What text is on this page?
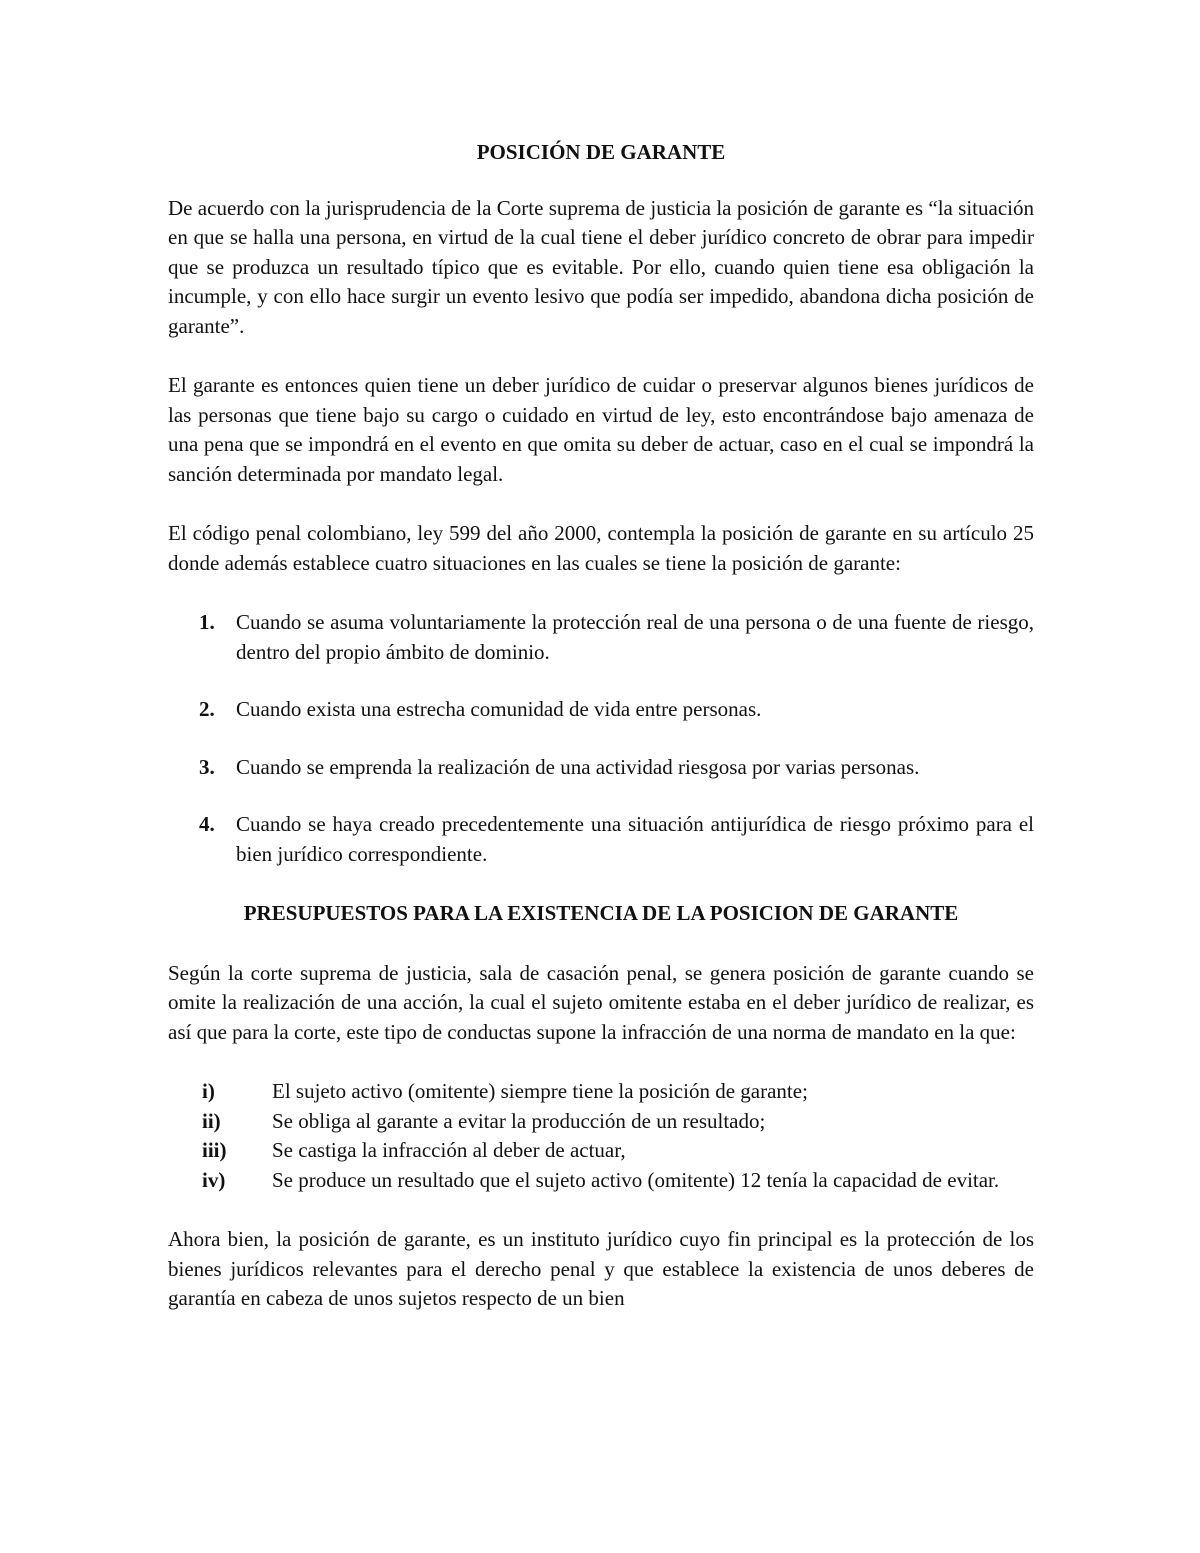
POSICIÓN DE GARANTE

De acuerdo con la jurisprudencia de la Corte suprema de justicia la posición de garante es “la situación en que se halla una persona, en virtud de la cual tiene el deber jurídico concreto de obrar para impedir que se produzca un resultado típico que es evitable. Por ello, cuando quien tiene esa obligación la incumple, y con ello hace surgir un evento lesivo que podía ser impedido, abandona dicha posición de garante”.

El garante es entonces quien tiene un deber jurídico de cuidar o preservar algunos bienes jurídicos de las personas que tiene bajo su cargo o cuidado en virtud de ley, esto encontrándose bajo amenaza de una pena que se impondrá en el evento en que omita su deber de actuar, caso en el cual se impondrá la sanción determinada por mandato legal.

El código penal colombiano, ley 599 del año 2000, contempla la posición de garante en su artículo 25 donde además establece cuatro situaciones en las cuales se tiene la posición de garante:

1.	Cuando se asuma voluntariamente la protección real de una persona o de una fuente de riesgo, dentro del propio ámbito de dominio.
2.	Cuando exista una estrecha comunidad de vida entre personas.
3.	Cuando se emprenda la realización de una actividad riesgosa por varias personas.
4.	Cuando se haya creado precedentemente una situación antijurídica de riesgo próximo para el bien jurídico correspondiente.
PRESUPUESTOS PARA LA EXISTENCIA DE LA POSICION DE GARANTE

Según la corte suprema de justicia, sala de casación penal, se genera posición de garante cuando se omite la realización de una acción, la cual el sujeto omitente estaba en el deber jurídico de realizar, es así que para la corte, este tipo de conductas supone la infracción de una norma de mandato en la que:

i)	El sujeto activo (omitente) siempre tiene la posición de garante;
ii)	Se obliga al garante a evitar la producción de un resultado;
iii)	Se castiga la infracción al deber de actuar,
iv)	Se produce un resultado que el sujeto activo (omitente) 12 tenía la capacidad de evitar.

Ahora bien, la posición de garante, es un instituto jurídico cuyo fin principal es la protección de los bienes jurídicos relevantes para el derecho penal y que establece la existencia de unos deberes de garantía en cabeza de unos sujetos respecto de un bien
